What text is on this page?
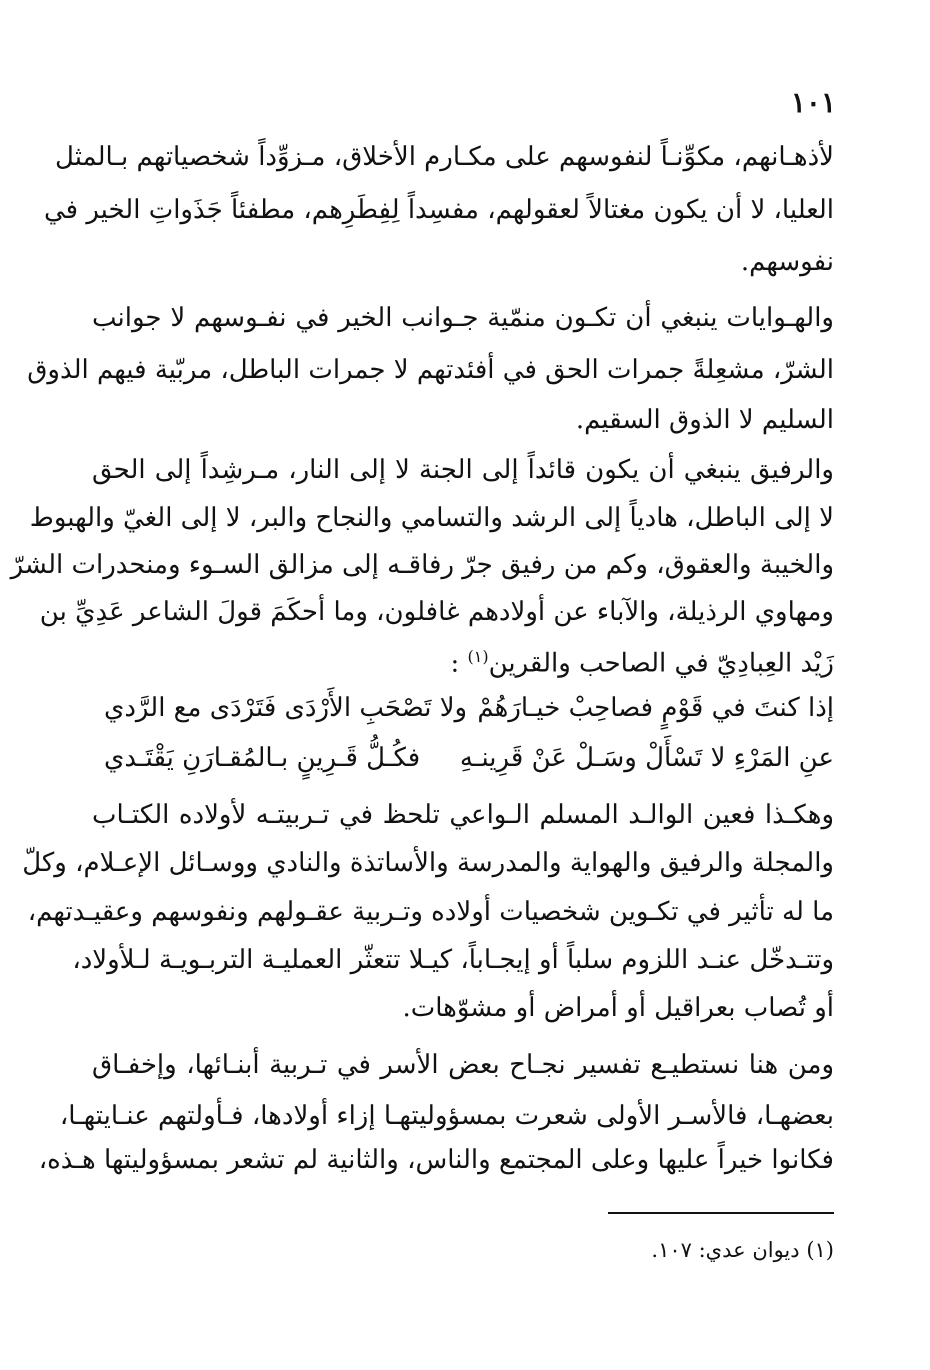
١٠١
لأذهـانهم، مكوِّنـاً لنفوسهم على مكـارم الأخلاق، مـزوِّداً شخصياتهم بـالمثل
العليا، لا أن يكون مغتالاً لعقولهم، مفسِداً لِفِطَرِهم، مطفئاً جَذَواتِ الخير في
نفوسهم.
والهـوايات ينبغي أن تكـون منمّية جـوانب الخير في نفـوسهم لا جوانب
الشرّ، مشعِلةً جمرات الحق في أفئدتهم لا جمرات الباطل، مربّية فيهم الذوق
السليم لا الذوق السقيم.
والرفيق ينبغي أن يكون قائداً إلى الجنة لا إلى النار، مـرشِداً إلى الحق
لا إلى الباطل، هادياً إلى الرشد والتسامي والنجاح والبر، لا إلى الغيّ والهبوط
والخيبة والعقوق، وكم من رفيق جرّ رفاقـه إلى مزالق السـوء ومنحدرات الشرّ
ومهاوي الرذيلة، والآباء عن أولادهم غافلون، وما أحكَمَ قولَ الشاعر عَدِيِّ بن
زَيْد العِبادِيّ في الصاحب والقرين$^{(١)}$ :
إذا كنتَ في قَوْمٍ فصاحِبْ خيـارَهُمْ
ولا تَصْحَبِ الأَرْدَى فَتَرْدَى مع الرَّدي
عنِ المَرْءِ لا تَسْأَلْ وسَـلْ عَنْ قَرِينـهِ
فكُـلُّ قَـرِينٍ بـالمُقـارَنِ يَقْتَـدي
وهكـذا فعين الوالـد المسلم الـواعي تلحظ في تـربيتـه لأولاده الكتـاب
والمجلة والرفيق والهواية والمدرسة والأساتذة والنادي ووسـائل الإعـلام، وكلّ
ما له تأثير في تكـوين شخصيات أولاده وتـربية عقـولهم ونفوسهم وعقيـدتهم،
وتتـدخّل عنـد اللزوم سلباً أو إيجـاباً، كيـلا تتعثّر العمليـة التربـويـة لـلأولاد،
أو تُصاب بعراقيل أو أمراض أو مشوّهات.
ومن هنا نستطيـع تفسير نجـاح بعض الأسر في تـربية أبنـائها، وإخفـاق
بعضهـا، فالأسـر الأولى شعرت بمسؤوليتهـا إزاء أولادها، فـأولتهم عنـايتهـا،
فكانوا خيراً عليها وعلى المجتمع والناس، والثانية لم تشعر بمسؤوليتها هـذه،
(١) ديوان عدي: ١٠٧.
